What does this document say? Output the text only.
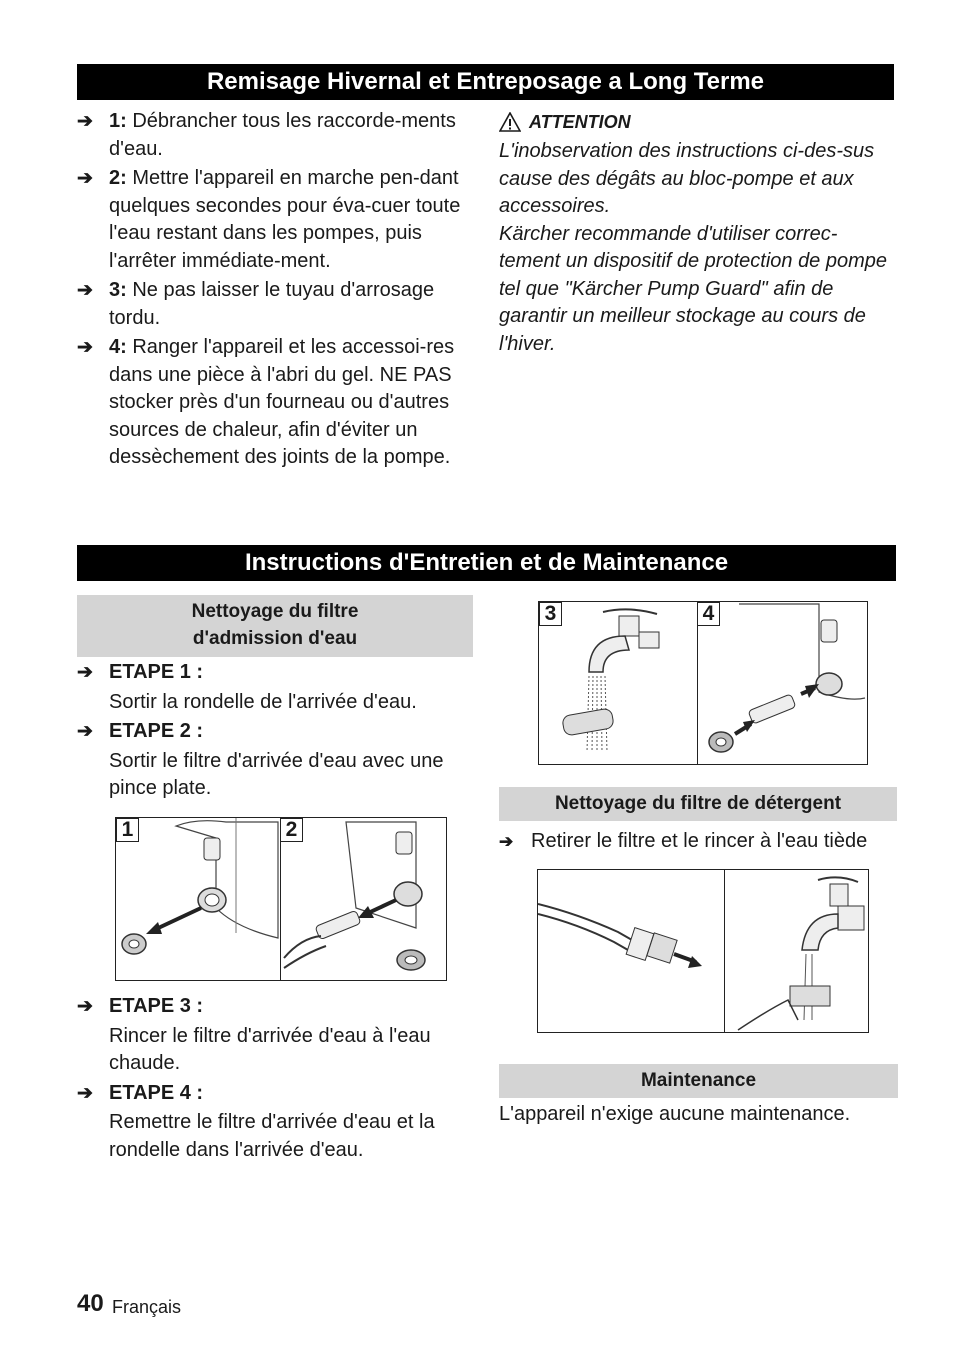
Remisage Hivernal et Entreposage a Long Terme
➔ 1: Débrancher tous les raccorde-ments d'eau.
➔ 2: Mettre l'appareil en marche pen-dant quelques secondes pour éva-cuer toute l'eau restant dans les pompes, puis l'arrêter immédiate-ment.
➔ 3: Ne pas laisser le tuyau d'arrosage tordu.
➔ 4: Ranger l'appareil et les accessoi-res dans une pièce à l'abri du gel. NE PAS stocker près d'un fourneau ou d'autres sources de chaleur, afin d'éviter un dessèchement des joints de la pompe.
ATTENTION
L'inobservation des instructions ci-des-sus cause des dégâts au bloc-pompe et aux accessoires.
Kärcher recommande d'utiliser correc-tement un dispositif de protection de pompe tel que "Kärcher Pump Guard" afin de garantir un meilleur stockage au cours de l'hiver.
Instructions d'Entretien et de Maintenance
Nettoyage du filtre
d'admission d'eau
➔ ETAPE 1 :
Sortir la rondelle de l'arrivée d'eau.
➔ ETAPE 2 :
Sortir le filtre d'arrivée d'eau avec une pince plate.
1	2
➔ ETAPE 3 :
Rincer le filtre d'arrivée d'eau à l'eau chaude.
➔ ETAPE 4 :
Remettre le filtre d'arrivée d'eau et la rondelle dans l'arrivée d'eau.
3	4
Nettoyage du filtre de détergent
➔ Retirer le filtre et le rincer à l'eau tiède
Maintenance
L'appareil n'exige aucune maintenance.
40 Français
